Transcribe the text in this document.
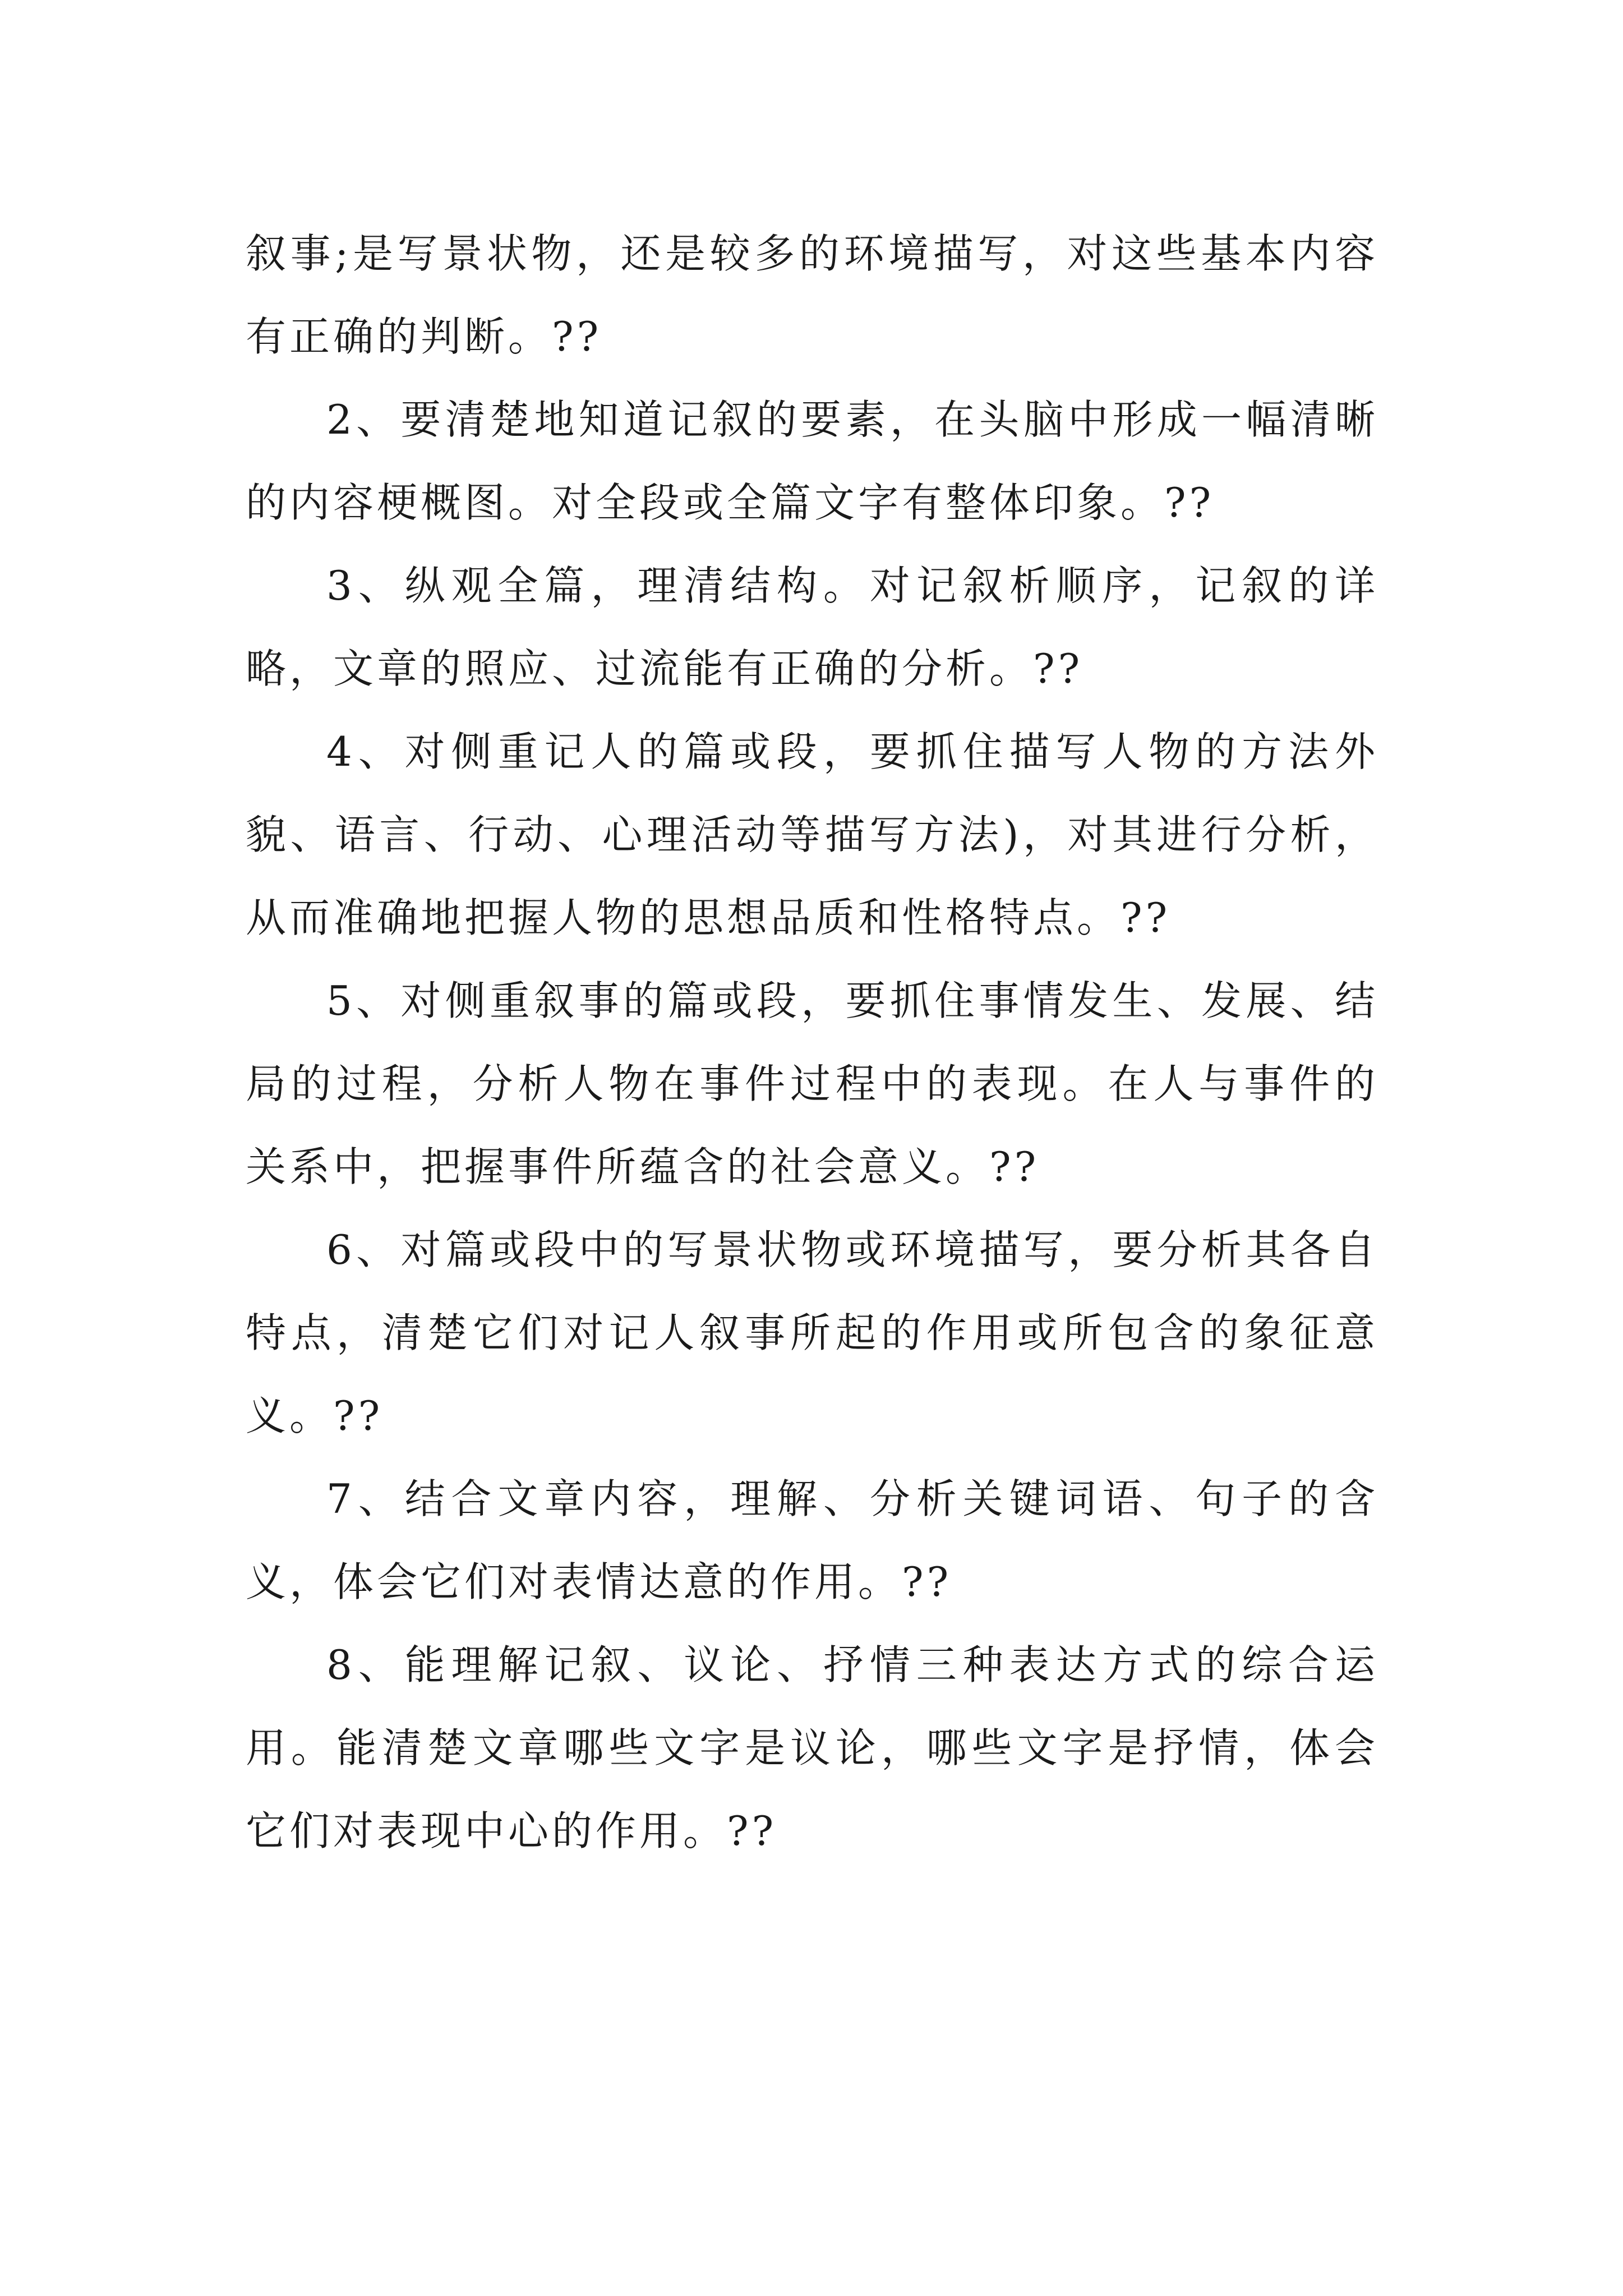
叙事;是写景状物，还是较多的环境描写，对这些基本内容有正确的判断。??

2、要清楚地知道记叙的要素，在头脑中形成一幅清晰的内容梗概图。对全段或全篇文字有整体印象。??

3、纵观全篇，理清结构。对记叙析顺序，记叙的详略，文章的照应、过流能有正确的分析。??

4、对侧重记人的篇或段，要抓住描写人物的方法外貌、语言、行动、心理活动等描写方法)，对其进行分析，从而准确地把握人物的思想品质和性格特点。??

5、对侧重叙事的篇或段，要抓住事情发生、发展、结局的过程，分析人物在事件过程中的表现。在人与事件的关系中，把握事件所蕴含的社会意义。??

6、对篇或段中的写景状物或环境描写，要分析其各自特点，清楚它们对记人叙事所起的作用或所包含的象征意义。??

7、结合文章内容，理解、分析关键词语、句子的含义，体会它们对表情达意的作用。??

8、能理解记叙、议论、抒情三种表达方式的综合运用。能清楚文章哪些文字是议论，哪些文字是抒情，体会它们对表现中心的作用。??
